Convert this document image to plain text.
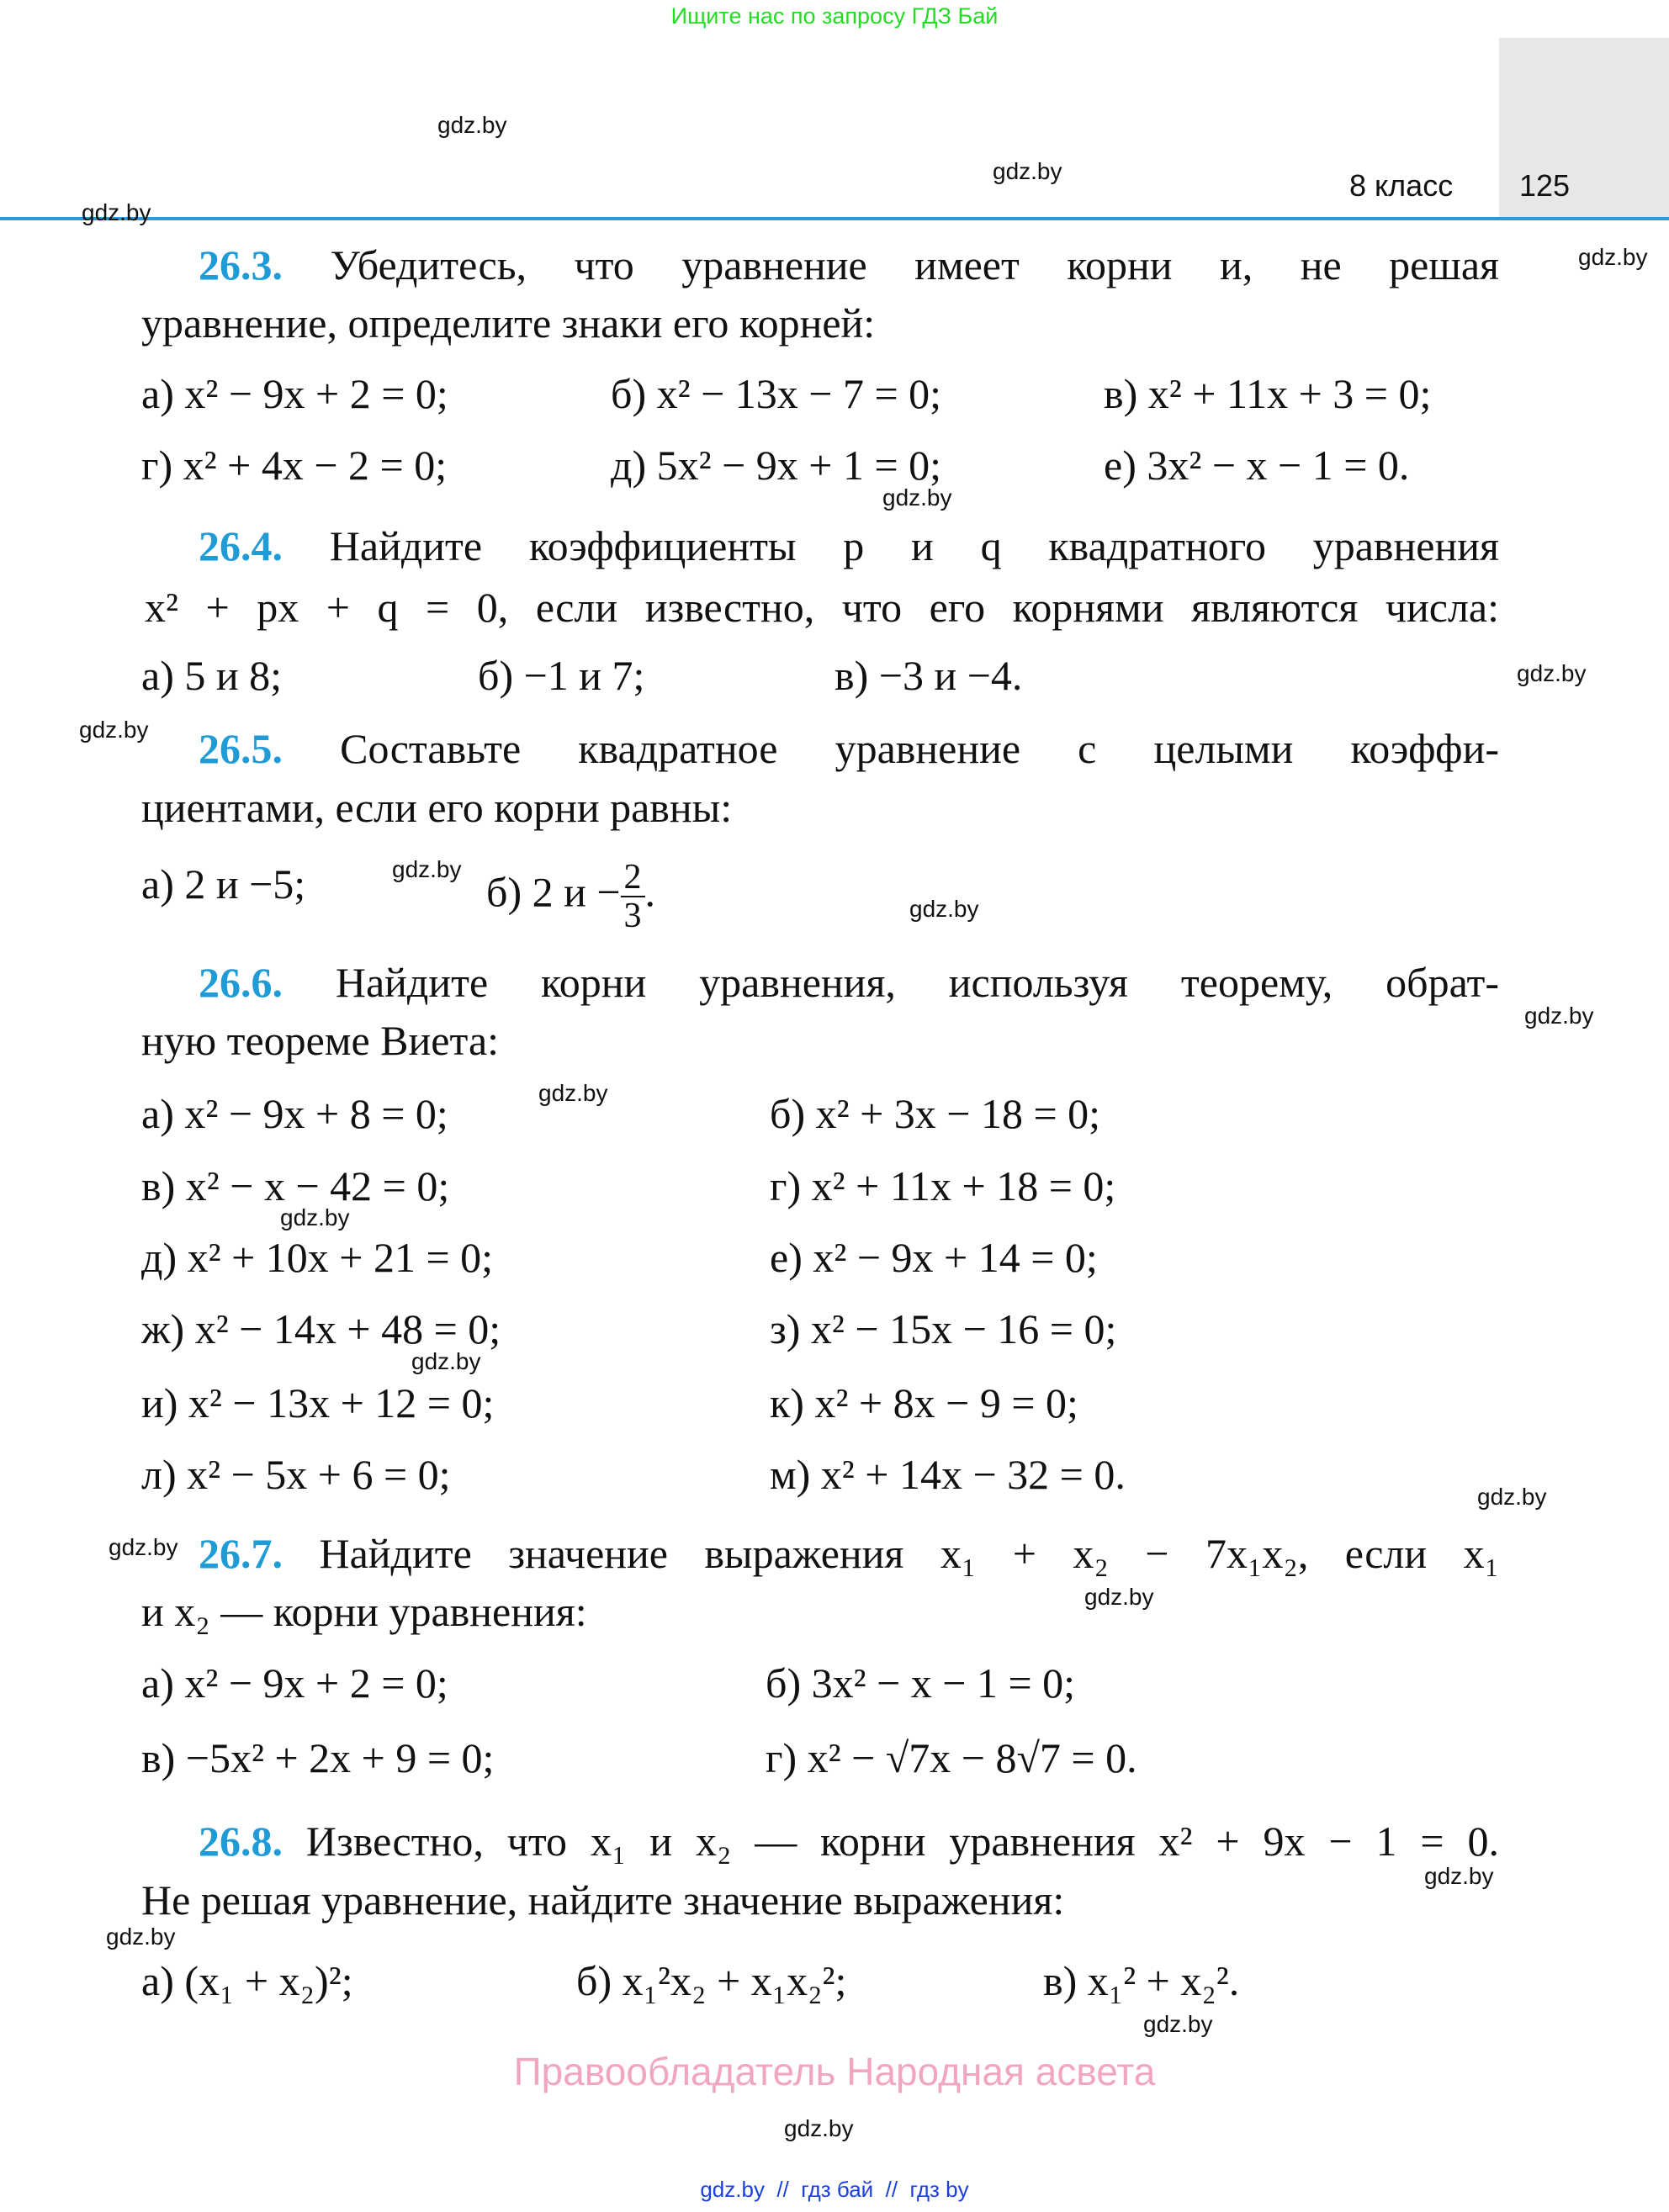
Ищите нас по запросу ГДЗ Бай
8 класс 125
gdz.by
gdz.by
gdz.by
gdz.by
gdz.by
gdz.by
gdz.by
gdz.by
gdz.by
gdz.by
gdz.by
gdz.by
gdz.by
gdz.by
gdz.by
gdz.by
gdz.by
gdz.by
gdz.by
gdz.by
26.3. Убедитесь, что уравнение имеет корни и, не решая
уравнение, определите знаки его корней:
а) x² − 9x + 2 = 0;	б) x² − 13x − 7 = 0;	в) x² + 11x + 3 = 0;
г) x² + 4x − 2 = 0;	д) 5x² − 9x + 1 = 0;	е) 3x² − x − 1 = 0.
26.4. Найдите коэффициенты p и q квадратного уравнения
x² + px + q = 0, если известно, что его корнями являются числа:
а) 5 и 8;	б) −1 и 7;	в) −3 и −4.
26.5. Составьте квадратное уравнение с целыми коэффи-
циентами, если его корни равны:
а) 2 и −5;	б) 2 $и - \frac{2}{3}$ .
26.6. Найдите корни уравнения, используя теорему, обрат-
ную теореме Виета:
а) x² − 9x + 8 = 0;	б) x² + 3x − 18 = 0;
в) x² − x − 42 = 0;	г) x² + 11x + 18 = 0;
д) x² + 10x + 21 = 0;	е) x² − 9x + 14 = 0;
ж) x² − 14x + 48 = 0;	з) x² − 15x − 16 = 0;
и) x² − 13x + 12 = 0;	к) x² + 8x − 9 = 0;
л) x² − 5x + 6 = 0;	м) x² + 14x − 32 = 0.
26.7. Найдите значение выражения x₁ + x₂ − 7x₁x₂, если x₁
и x₂ — корни уравнения:
а) x² − 9x + 2 = 0;	б) 3x² − x − 1 = 0;
в) −5x² + 2x + 9 = 0;	г) x² − √7x − 8√7 = 0.
26.8. Известно, что x₁ и x₂ — корни уравнения x² + 9x − 1 = 0.
Не решая уравнение, найдите значение выражения:
а) (x₁ + x₂)²;	б) x₁²x₂ + x₁x₂²;	в) x₁² + x₂².
Правообладатель Народная асвета
gdz.by  //  гдз бай  //  гдз by
